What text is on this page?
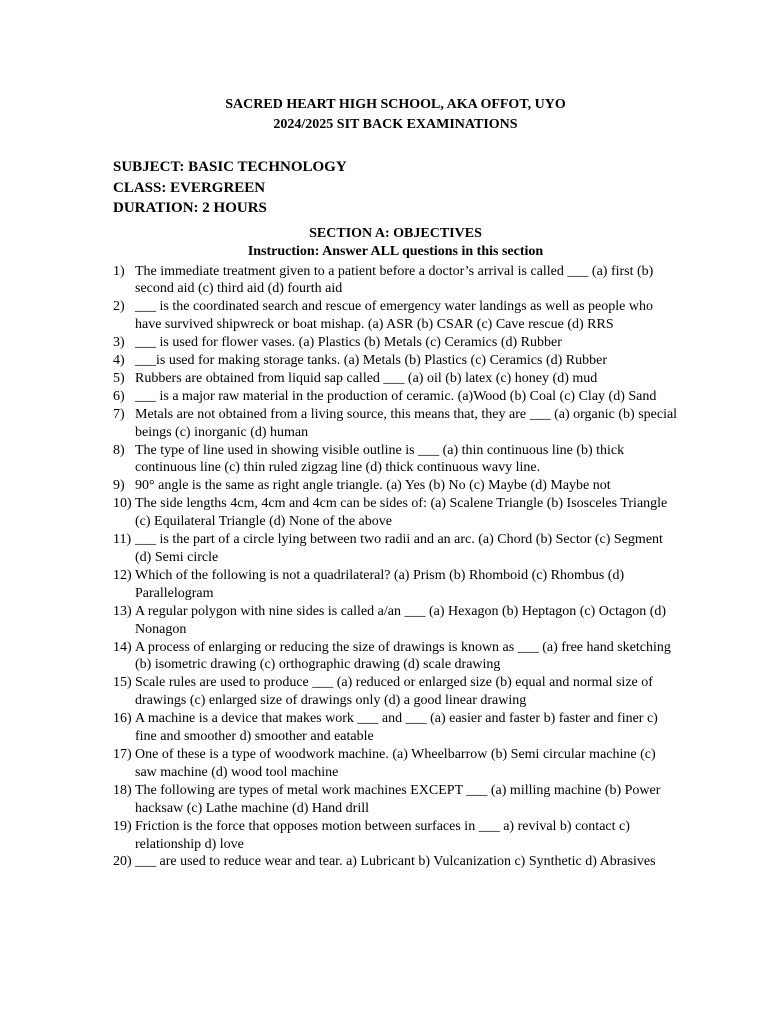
SACRED HEART HIGH SCHOOL, AKA OFFOT, UYO

2024/2025 SIT BACK EXAMINATIONS

SUBJECT: BASIC TECHNOLOGY

CLASS: EVERGREEN

DURATION: 2 HOURS

SECTION A: OBJECTIVES

Instruction: Answer ALL questions in this section

1) The immediate treatment given to a patient before a doctor’s arrival is called ___ (a) first (b) second aid (c) third aid (d) fourth aid
2) ___ is the coordinated search and rescue of emergency water landings as well as people who have survived shipwreck or boat mishap. (a) ASR (b) CSAR (c) Cave rescue (d) RRS
3) ___ is used for flower vases. (a) Plastics (b) Metals (c) Ceramics (d) Rubber
4) ___is used for making storage tanks. (a) Metals (b) Plastics (c) Ceramics (d) Rubber
5) Rubbers are obtained from liquid sap called ___ (a) oil (b) latex (c) honey (d) mud
6) ___ is a major raw material in the production of ceramic. (a)Wood (b) Coal (c) Clay (d) Sand
7) Metals are not obtained from a living source, this means that, they are ___ (a) organic (b) special beings (c) inorganic (d) human
8) The type of line used in showing visible outline is ___ (a) thin continuous line (b) thick continuous line (c) thin ruled zigzag line (d) thick continuous wavy line.
9) 90° angle is the same as right angle triangle. (a) Yes (b) No (c) Maybe (d) Maybe not
10) The side lengths 4cm, 4cm and 4cm can be sides of: (a) Scalene Triangle (b) Isosceles Triangle (c) Equilateral Triangle (d) None of the above
11) ___ is the part of a circle lying between two radii and an arc. (a) Chord (b) Sector (c) Segment (d) Semi circle
12) Which of the following is not a quadrilateral? (a) Prism (b) Rhomboid (c) Rhombus (d) Parallelogram
13) A regular polygon with nine sides is called a/an ___ (a) Hexagon (b) Heptagon (c) Octagon (d) Nonagon
14) A process of enlarging or reducing the size of drawings is known as ___ (a) free hand sketching (b) isometric drawing (c) orthographic drawing (d) scale drawing
15) Scale rules are used to produce ___ (a) reduced or enlarged size (b) equal and normal size of drawings (c) enlarged size of drawings only (d) a good linear drawing
16) A machine is a device that makes work ___ and ___ (a) easier and faster b) faster and finer c) fine and smoother d) smoother and eatable
17) One of these is a type of woodwork machine. (a) Wheelbarrow (b) Semi circular machine (c) saw machine (d) wood tool machine
18) The following are types of metal work machines EXCEPT ___ (a) milling machine (b) Power hacksaw (c) Lathe machine (d) Hand drill
19) Friction is the force that opposes motion between surfaces in ___ a) revival b) contact c) relationship d) love
20) ___ are used to reduce wear and tear. a) Lubricant b) Vulcanization c) Synthetic d) Abrasives
